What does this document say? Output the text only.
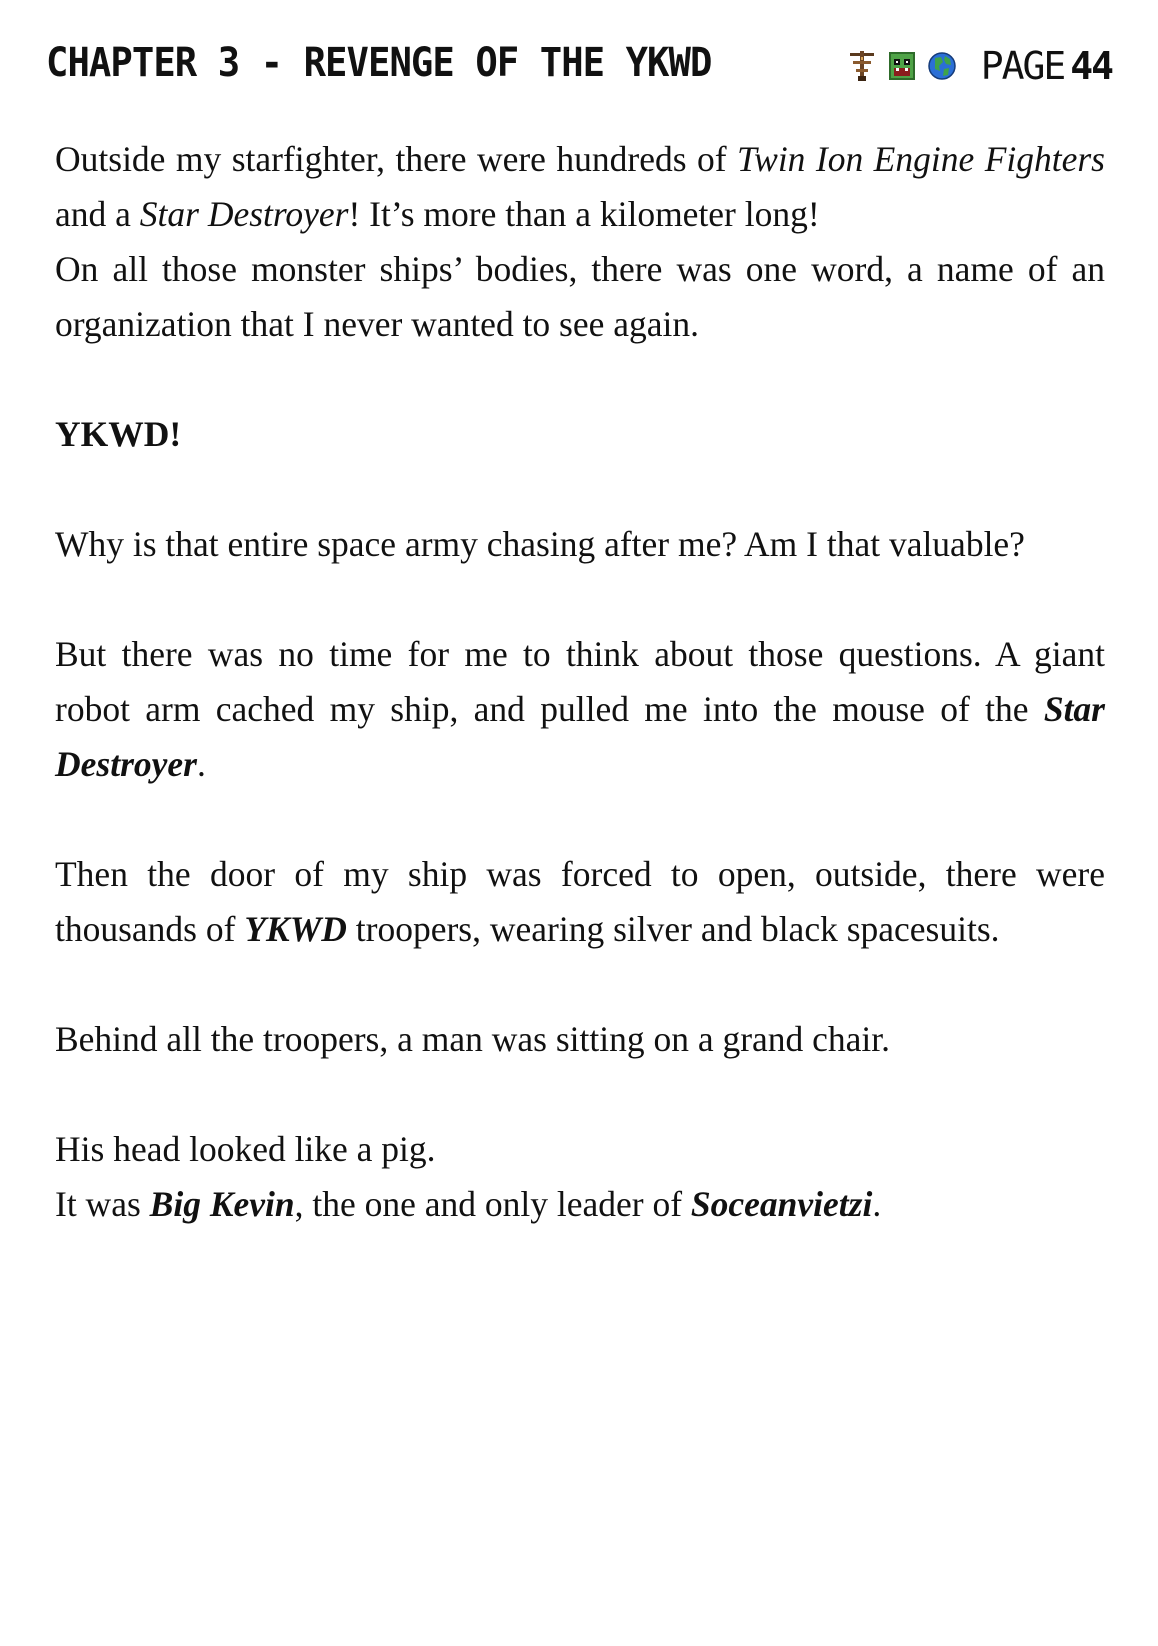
CHAPTER 3 - REVENGE OF THE YKWD	PAGE 44

Outside my starfighter, there were hundreds of Twin Ion Engine Fighters and a Star Destroyer! It’s more than a kilometer long!

On all those monster ships’ bodies, there was one word, a name of an organization that I never wanted to see again.

YKWD!

Why is that entire space army chasing after me? Am I that valuable?

But there was no time for me to think about those questions. A giant robot arm cached my ship, and pulled me into the mouse of the Star Destroyer.

Then the door of my ship was forced to open, outside, there were thousands of YKWD troopers, wearing silver and black spacesuits.

Behind all the troopers, a man was sitting on a grand chair.

His head looked like a pig.

It was Big Kevin, the one and only leader of Soceanvietzi.
